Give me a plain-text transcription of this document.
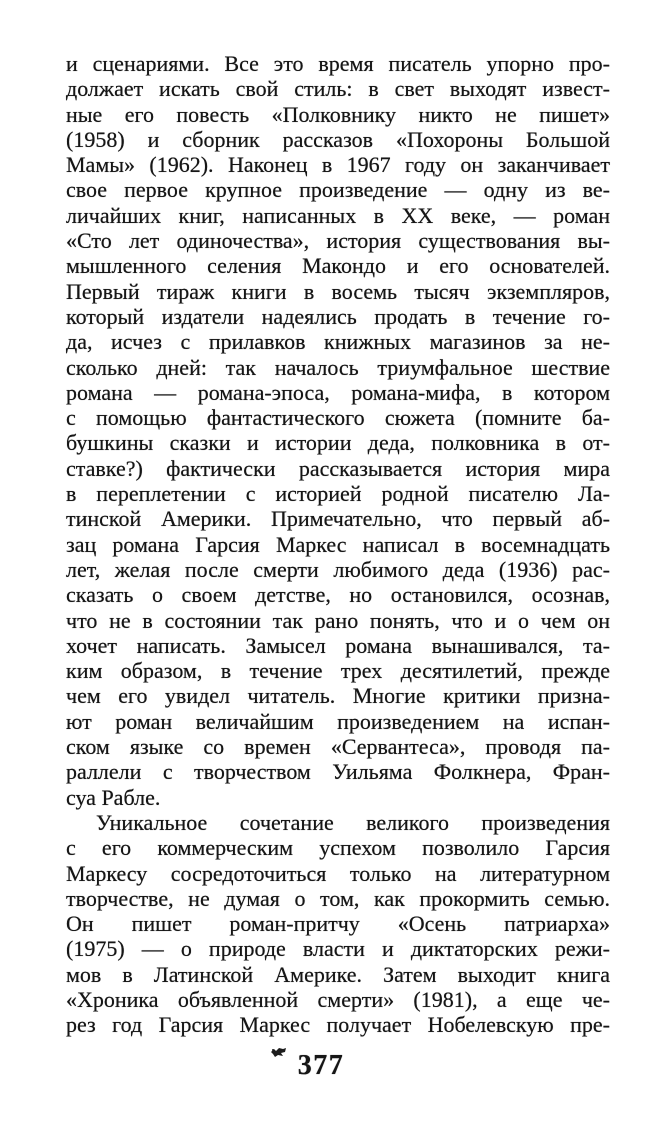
и сценариями. Все это время писатель упорно про-
должает искать свой стиль: в свет выходят извест-
ные его повесть «Полковнику никто не пишет»
(1958) и сборник рассказов «Похороны Большой
Мамы» (1962). Наконец в 1967 году он заканчивает
свое первое крупное произведение — одну из ве-
личайших книг, написанных в XX веке, — роман
«Сто лет одиночества», история существования вы-
мышленного селения Макондо и его основателей.
Первый тираж книги в восемь тысяч экземпляров,
который издатели надеялись продать в течение го-
да, исчез с прилавков книжных магазинов за не-
сколько дней: так началось триумфальное шествие
романа — романа-эпоса, романа-мифа, в котором
с помощью фантастического сюжета (помните ба-
бушкины сказки и истории деда, полковника в от-
ставке?) фактически рассказывается история мира
в переплетении с историей родной писателю Ла-
тинской Америки. Примечательно, что первый аб-
зац романа Гарсия Маркес написал в восемнадцать
лет, желая после смерти любимого деда (1936) рас-
сказать о своем детстве, но остановился, осознав,
что не в состоянии так рано понять, что и о чем он
хочет написать. Замысел романа вынашивался, та-
ким образом, в течение трех десятилетий, прежде
чем его увидел читатель. Многие критики призна-
ют роман величайшим произведением на испан-
ском языке со времен «Сервантеса», проводя па-
раллели с творчеством Уильяма Фолкнера, Фран-
суа Рабле.
Уникальное сочетание великого произведения
с его коммерческим успехом позволило Гарсия
Маркесу сосредоточиться только на литературном
творчестве, не думая о том, как прокормить семью.
Он пишет роман-притчу «Осень патриарха»
(1975) — о природе власти и диктаторских режи-
мов в Латинской Америке. Затем выходит книга
«Хроника объявленной смерти» (1981), а еще че-
рез год Гарсия Маркес получает Нобелевскую пре-
377
